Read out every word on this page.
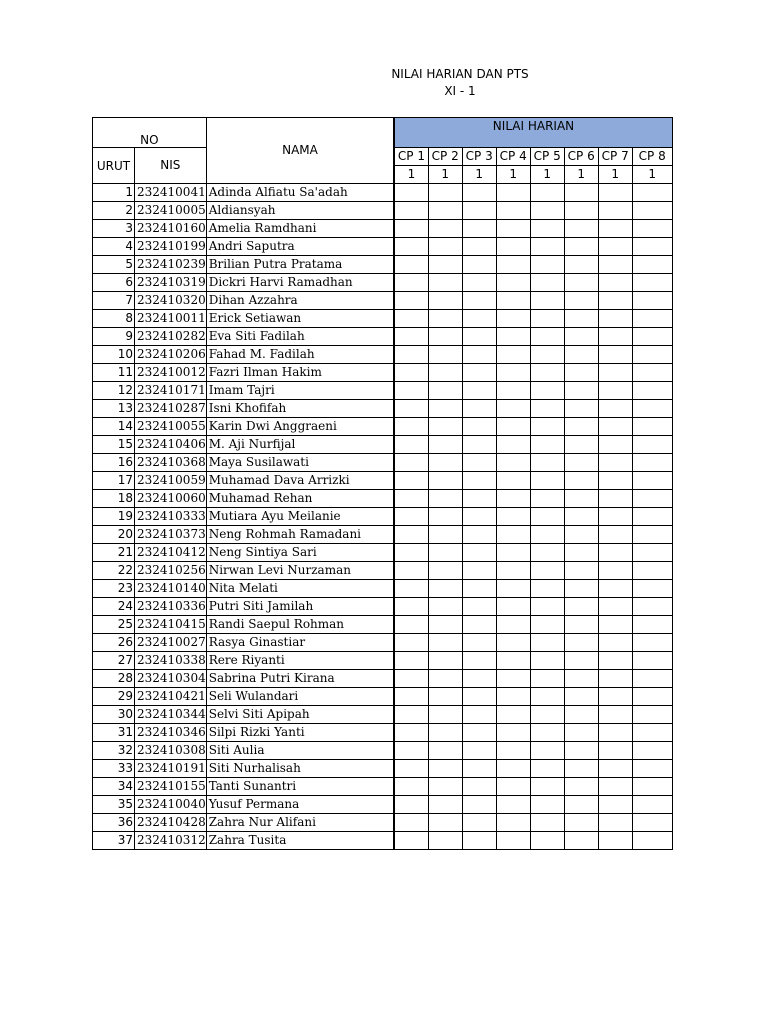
NILAI HARIAN DAN PTS
XI - 1
NO		NAMA	NILAI HARIAN							
URUT	NIS		CP 1	CP 2	CP 3	CP 4	CP 5	CP 6	CP 7	CP 8
			1	1	1	1	1	1	1	1
1	232410041	Adinda Alfiatu Sa'adah								
2	232410005	Aldiansyah								
3	232410160	Amelia Ramdhani								
4	232410199	Andri Saputra								
5	232410239	Brilian Putra Pratama								
6	232410319	Dickri Harvi Ramadhan								
7	232410320	Dihan Azzahra								
8	232410011	Erick Setiawan								
9	232410282	Eva Siti Fadilah								
10	232410206	Fahad M. Fadilah								
11	232410012	Fazri Ilman Hakim								
12	232410171	Imam Tajri								
13	232410287	Isni Khofifah								
14	232410055	Karin Dwi Anggraeni								
15	232410406	M. Aji Nurfijal								
16	232410368	Maya Susilawati								
17	232410059	Muhamad Dava Arrizki								
18	232410060	Muhamad Rehan								
19	232410333	Mutiara Ayu Meilanie								
20	232410373	Neng Rohmah Ramadani								
21	232410412	Neng Sintiya Sari								
22	232410256	Nirwan Levi Nurzaman								
23	232410140	Nita Melati								
24	232410336	Putri Siti Jamilah								
25	232410415	Randi Saepul Rohman								
26	232410027	Rasya Ginastiar								
27	232410338	Rere Riyanti								
28	232410304	Sabrina Putri Kirana								
29	232410421	Seli Wulandari								
30	232410344	Selvi Siti Apipah								
31	232410346	Silpi Rizki Yanti								
32	232410308	Siti Aulia								
33	232410191	Siti Nurhalisah								
34	232410155	Tanti Sunantri								
35	232410040	Yusuf Permana								
36	232410428	Zahra Nur Alifani								
37	232410312	Zahra Tusita								
